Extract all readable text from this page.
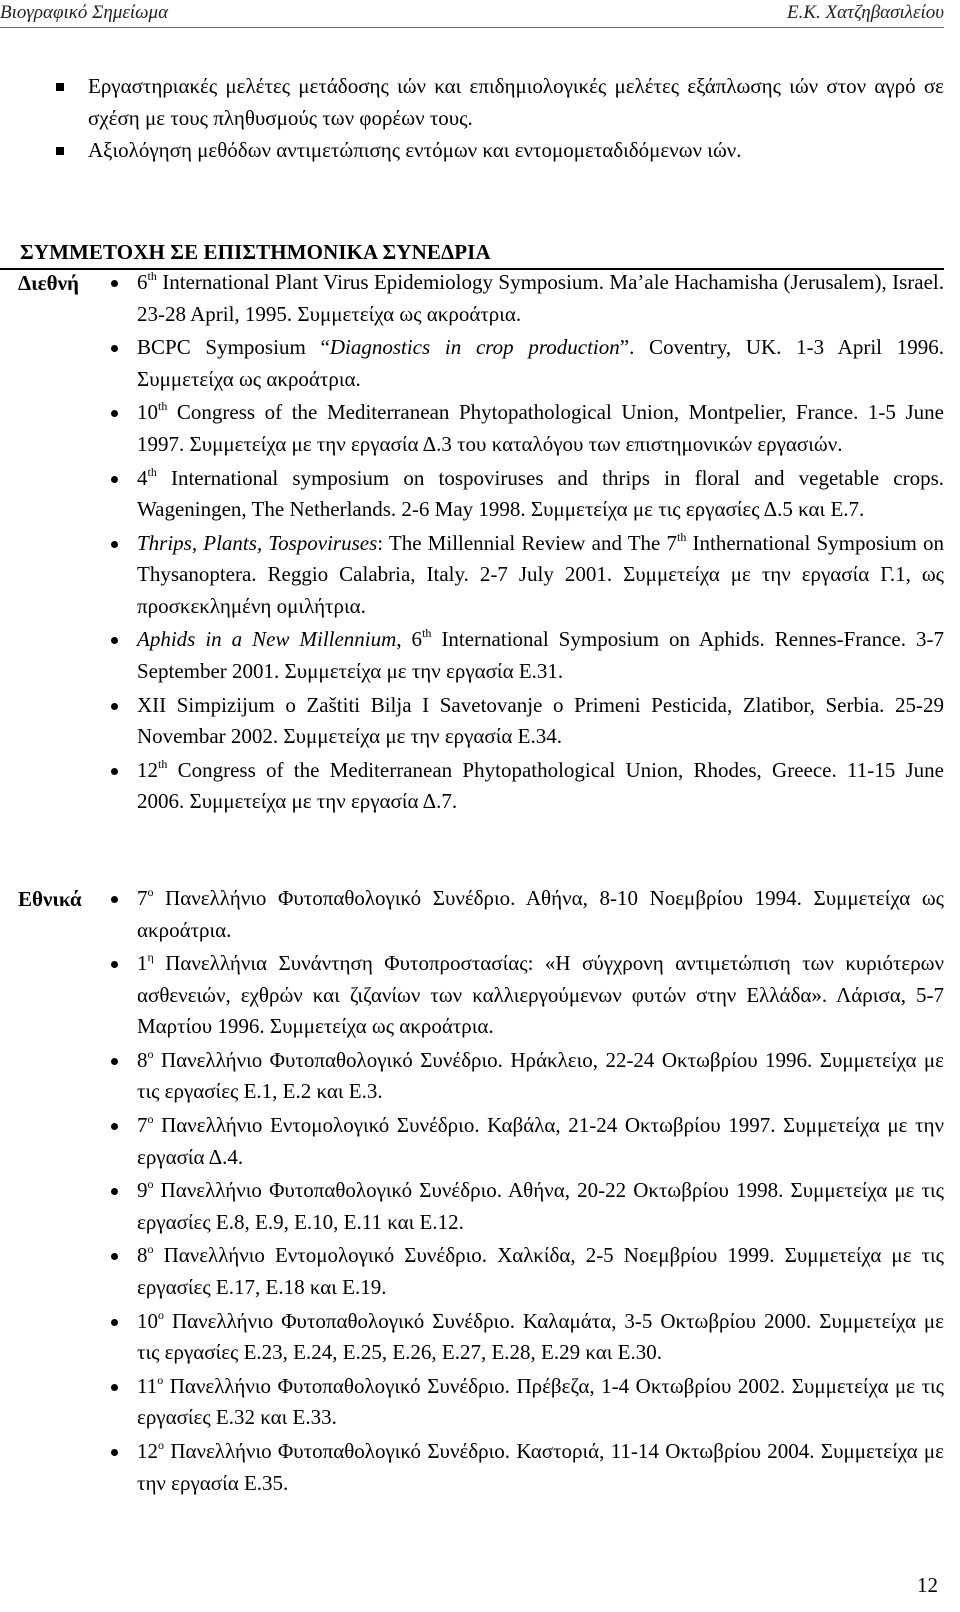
Βιογραφικό Σημείωμα	Ε.Κ. Χατζηβασιλείου
Εργαστηριακές μελέτες μετάδοσης ιών και επιδημιολογικές μελέτες εξάπλωσης ιών στον αγρό σε σχέση με τους πληθυσμούς των φορέων τους.
Αξιολόγηση μεθόδων αντιμετώπισης εντόμων και εντομομεταδιδόμενων ιών.
ΣΥΜΜΕΤΟΧΗ ΣΕ ΕΠΙΣΤΗΜΟΝΙΚΑ ΣΥΝΕΔΡΙΑ
Διεθνή	6th International Plant Virus Epidemiology Symposium. Ma’ale Hachamisha (Jerusalem), Israel. 23-28 April, 1995. Συμμετείχα ως ακροάτρια.
BCPC Symposium “Diagnostics in crop production”. Coventry, UK. 1-3 April 1996. Συμμετείχα ως ακροάτρια.
10th Congress of the Mediterranean Phytopathological Union, Montpelier, France. 1-5 June 1997. Συμμετείχα με την εργασία Δ.3 του καταλόγου των επιστημονικών εργασιών.
4th International symposium on tospoviruses and thrips in floral and vegetable crops. Wageningen, The Netherlands. 2-6 May 1998. Συμμετείχα με τις εργασίες Δ.5 και Ε.7.
Thrips, Plants, Tospoviruses: The Millennial Review and The 7th Inthernational Symposium on Thysanoptera. Reggio Calabria, Italy. 2-7 July 2001. Συμμετείχα με την εργασία Γ.1, ως προσκεκλημένη ομιλήτρια.
Aphids in a New Millennium, 6th International Symposium on Aphids. Rennes-France. 3-7 September 2001. Συμμετείχα με την εργασία Ε.31.
XII Simpizijum o Zaštiti Bilja I Savetovanje o Primeni Pesticida, Zlatibor, Serbia. 25-29 Novembar 2002. Συμμετείχα με την εργασία Ε.34.
12th Congress of the Mediterranean Phytopathological Union, Rhodes, Greece. 11-15 June 2006. Συμμετείχα με την εργασία Δ.7.
Εθνικά	$7^o$ Πανελλήνιο Φυτοπαθολογικό Συνέδριο. Αθήνα, 8-10 Νοεμβρίου 1994. Συμμετείχα ως ακροάτρια.
$1^\eta$ Πανελλήνια Συνάντηση Φυτοπροστασίας: «Η σύγχρονη αντιμετώπιση των κυριότερων ασθενειών, εχθρών και ζιζανίων των καλλιεργούμενων φυτών στην Ελλάδα». Λάρισα, 5-7 Μαρτίου 1996. Συμμετείχα ως ακροάτρια.
$8^o$ Πανελλήνιο Φυτοπαθολογικό Συνέδριο. Ηράκλειο, 22-24 Οκτωβρίου 1996. Συμμετείχα με τις εργασίες Ε.1, Ε.2 και Ε.3.
$7^o$ Πανελλήνιο Εντομολογικό Συνέδριο. Καβάλα, 21-24 Οκτωβρίου 1997. Συμμετείχα με την εργασία Δ.4.
$9^o$ Πανελλήνιο Φυτοπαθολογικό Συνέδριο. Αθήνα, 20-22 Οκτωβρίου 1998. Συμμετείχα με τις εργασίες Ε.8, Ε.9, Ε.10, Ε.11 και Ε.12.
$8^o$ Πανελλήνιο Εντομολογικό Συνέδριο. Χαλκίδα, 2-5 Νοεμβρίου 1999. Συμμετείχα με τις εργασίες Ε.17, Ε.18 και Ε.19.
$10^o$ Πανελλήνιο Φυτοπαθολογικό Συνέδριο. Καλαμάτα, 3-5 Οκτωβρίου 2000. Συμμετείχα με τις εργασίες Ε.23, Ε.24, Ε.25, Ε.26, Ε.27, Ε.28, Ε.29 και Ε.30.
$11^o$ Πανελλήνιο Φυτοπαθολογικό Συνέδριο. Πρέβεζα, 1-4 Οκτωβρίου 2002. Συμμετείχα με τις εργασίες Ε.32 και Ε.33.
$12^o$ Πανελλήνιο Φυτοπαθολογικό Συνέδριο. Καστοριά, 11-14 Οκτωβρίου 2004. Συμμετείχα με την εργασία Ε.35.
12
